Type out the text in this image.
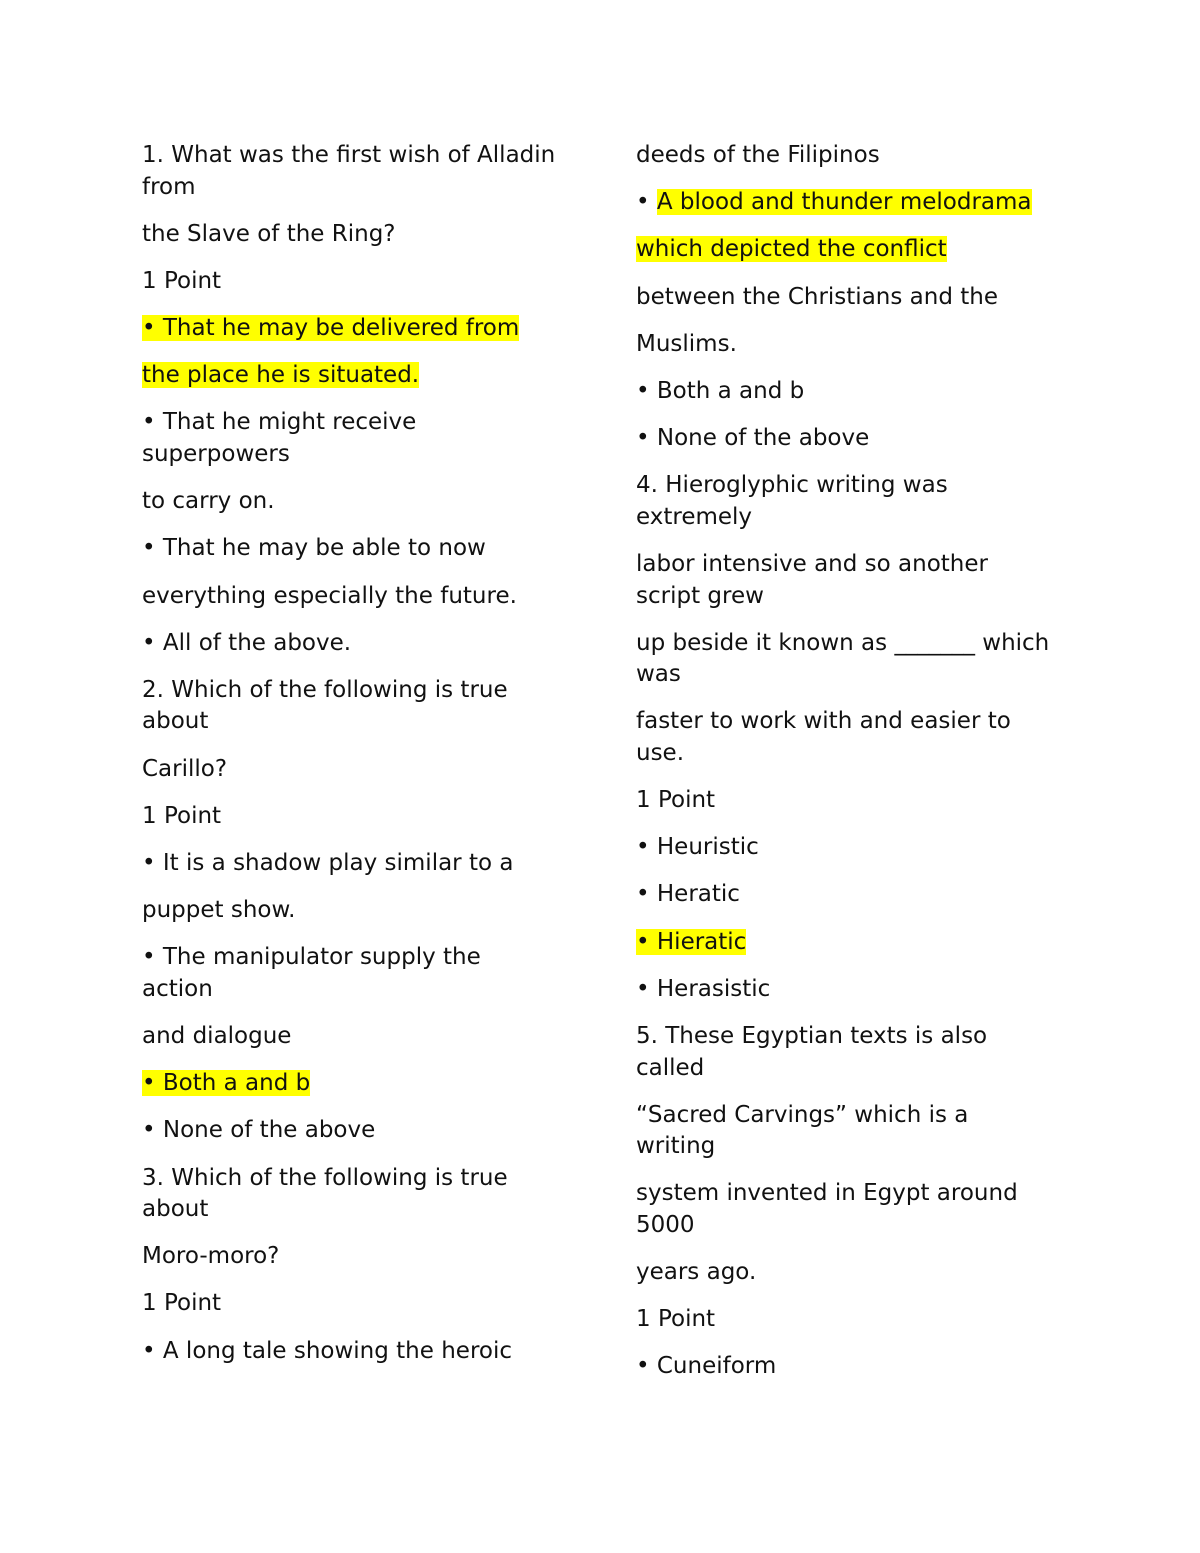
1. What was the first wish of Alladin
from
the Slave of the Ring?
1 Point
• That he may be delivered from
the place he is situated.
• That he might receive
superpowers
to carry on.
• That he may be able to now
everything especially the future.
• All of the above.
2. Which of the following is true
about
Carillo?
1 Point
• It is a shadow play similar to a
puppet show.
• The manipulator supply the
action
and dialogue
• Both a and b
• None of the above
3. Which of the following is true
about
Moro-moro?
1 Point
• A long tale showing the heroic
deeds of the Filipinos
• A blood and thunder melodrama
which depicted the conflict
between the Christians and the
Muslims.
• Both a and b
• None of the above
4. Hieroglyphic writing was
extremely
labor intensive and so another
script grew
up beside it known as _______ which
was
faster to work with and easier to
use.
1 Point
• Heuristic
• Heratic
• Hieratic
• Herasistic
5. These Egyptian texts is also
called
“Sacred Carvings” which is a
writing
system invented in Egypt around
5000
years ago.
1 Point
• Cuneiform
